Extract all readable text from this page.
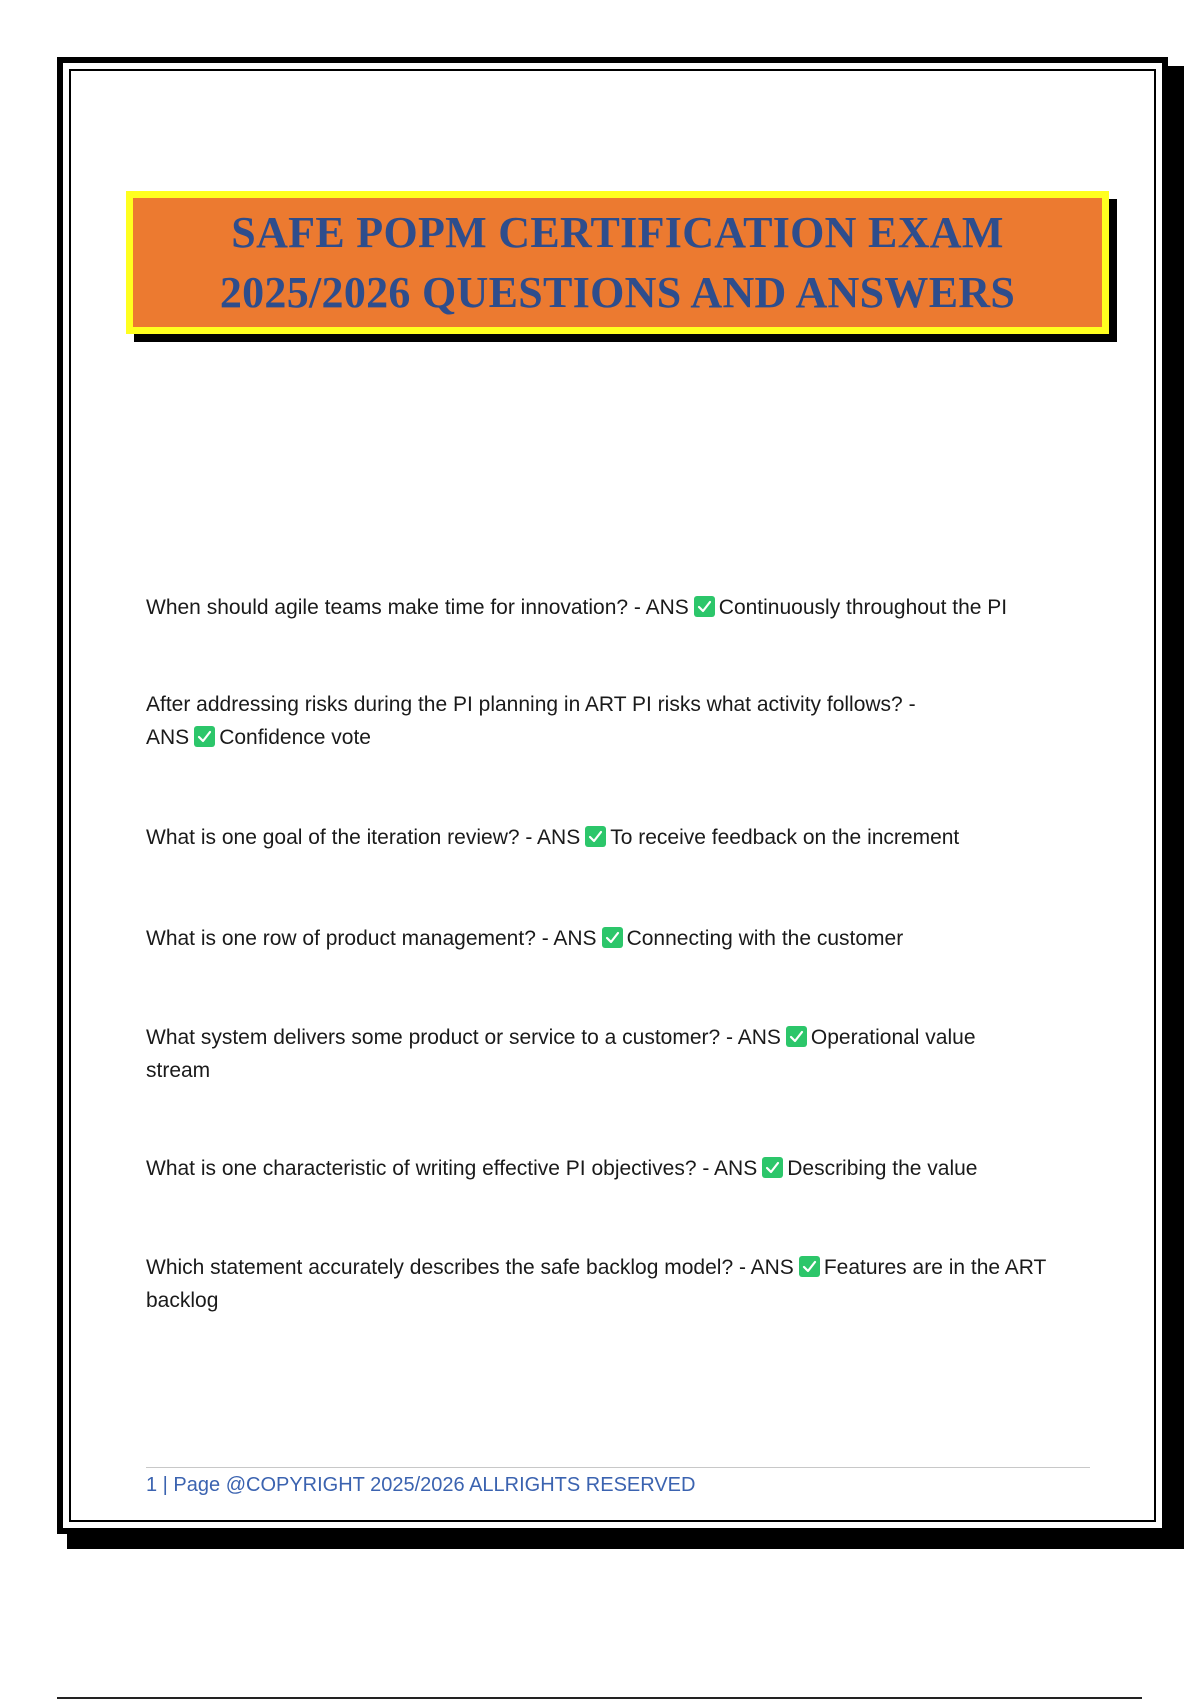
SAFE POPM CERTIFICATION EXAM
2025/2026 QUESTIONS AND ANSWERS
When should agile teams make time for innovation? - ANS Continuously throughout the PI
After addressing risks during the PI planning in ART PI risks what activity follows? -
ANS Confidence vote
What is one goal of the iteration review? - ANS To receive feedback on the increment
What is one row of product management? - ANS Connecting with the customer
What system delivers some product or service to a customer? - ANS Operational value
stream
What is one characteristic of writing effective PI objectives? - ANS Describing the value
Which statement accurately describes the safe backlog model? - ANS Features are in the ART
backlog
1 | Page @COPYRIGHT 2025/2026 ALLRIGHTS RESERVED
